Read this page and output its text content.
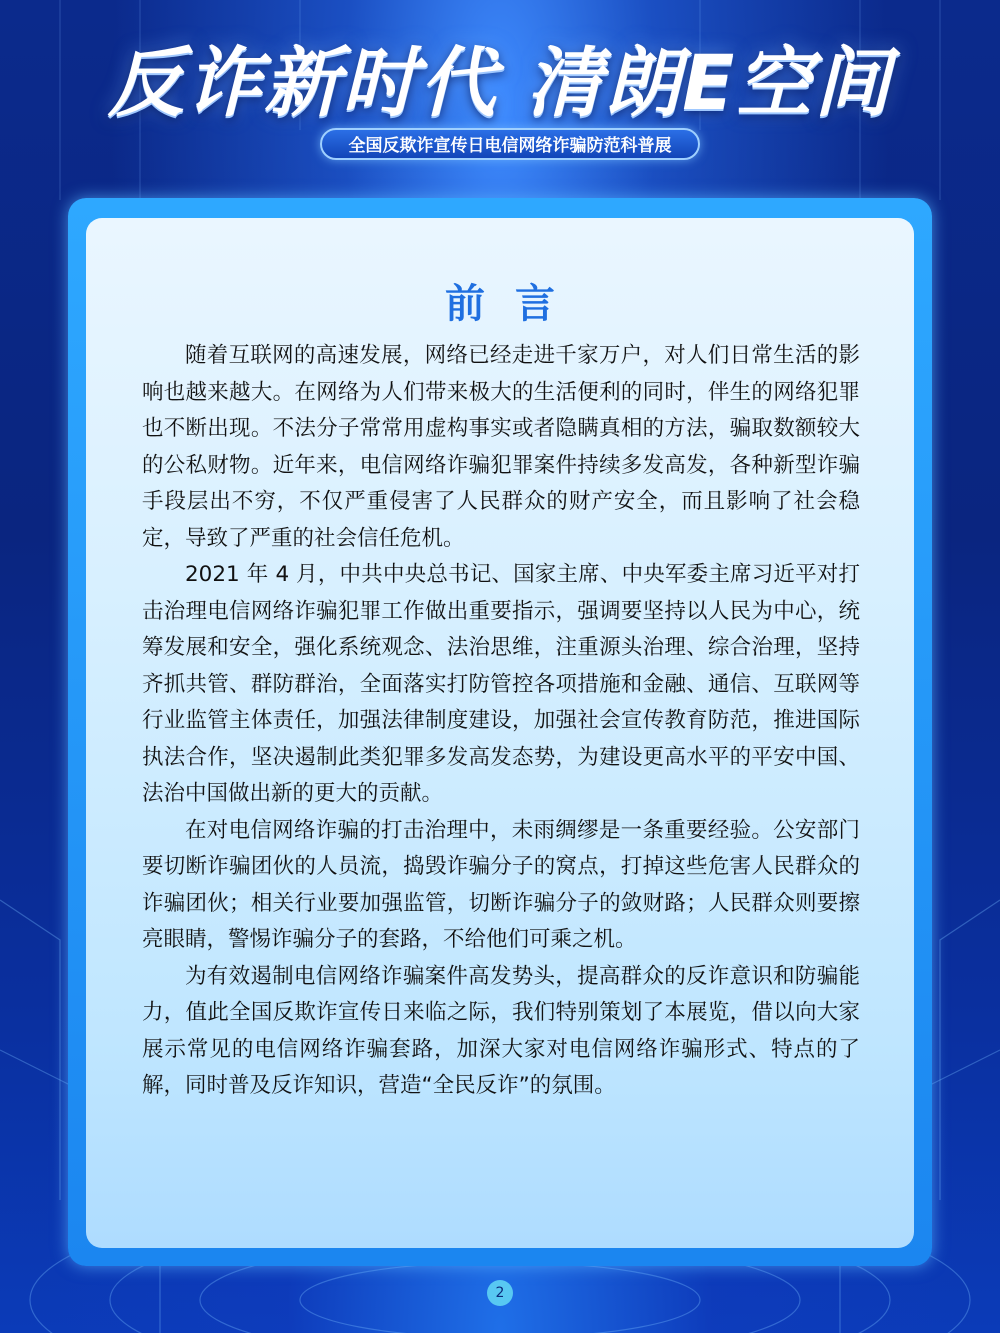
反诈新时代 清朗E空间
全国反欺诈宣传日电信网络诈骗防范科普展
前言

随着互联网的高速发展，网络已经走进千家万户，对人们日常生活的影响也越来越大。在网络为人们带来极大的生活便利的同时，伴生的网络犯罪也不断出现。不法分子常常用虚构事实或者隐瞒真相的方法，骗取数额较大的公私财物。近年来，电信网络诈骗犯罪案件持续多发高发，各种新型诈骗手段层出不穷，不仅严重侵害了人民群众的财产安全，而且影响了社会稳定，导致了严重的社会信任危机。

2021 年 4 月，中共中央总书记、国家主席、中央军委主席习近平对打击治理电信网络诈骗犯罪工作做出重要指示，强调要坚持以人民为中心，统筹发展和安全，强化系统观念、法治思维，注重源头治理、综合治理，坚持齐抓共管、群防群治，全面落实打防管控各项措施和金融、通信、互联网等行业监管主体责任，加强法律制度建设，加强社会宣传教育防范，推进国际执法合作，坚决遏制此类犯罪多发高发态势，为建设更高水平的平安中国、法治中国做出新的更大的贡献。

在对电信网络诈骗的打击治理中，未雨绸缪是一条重要经验。公安部门要切断诈骗团伙的人员流，捣毁诈骗分子的窝点，打掉这些危害人民群众的诈骗团伙；相关行业要加强监管，切断诈骗分子的敛财路；人民群众则要擦亮眼睛，警惕诈骗分子的套路，不给他们可乘之机。

为有效遏制电信网络诈骗案件高发势头，提高群众的反诈意识和防骗能力，值此全国反欺诈宣传日来临之际，我们特别策划了本展览，借以向大家展示常见的电信网络诈骗套路，加深大家对电信网络诈骗形式、特点的了解，同时普及反诈知识，营造“全民反诈”的氛围。

2
